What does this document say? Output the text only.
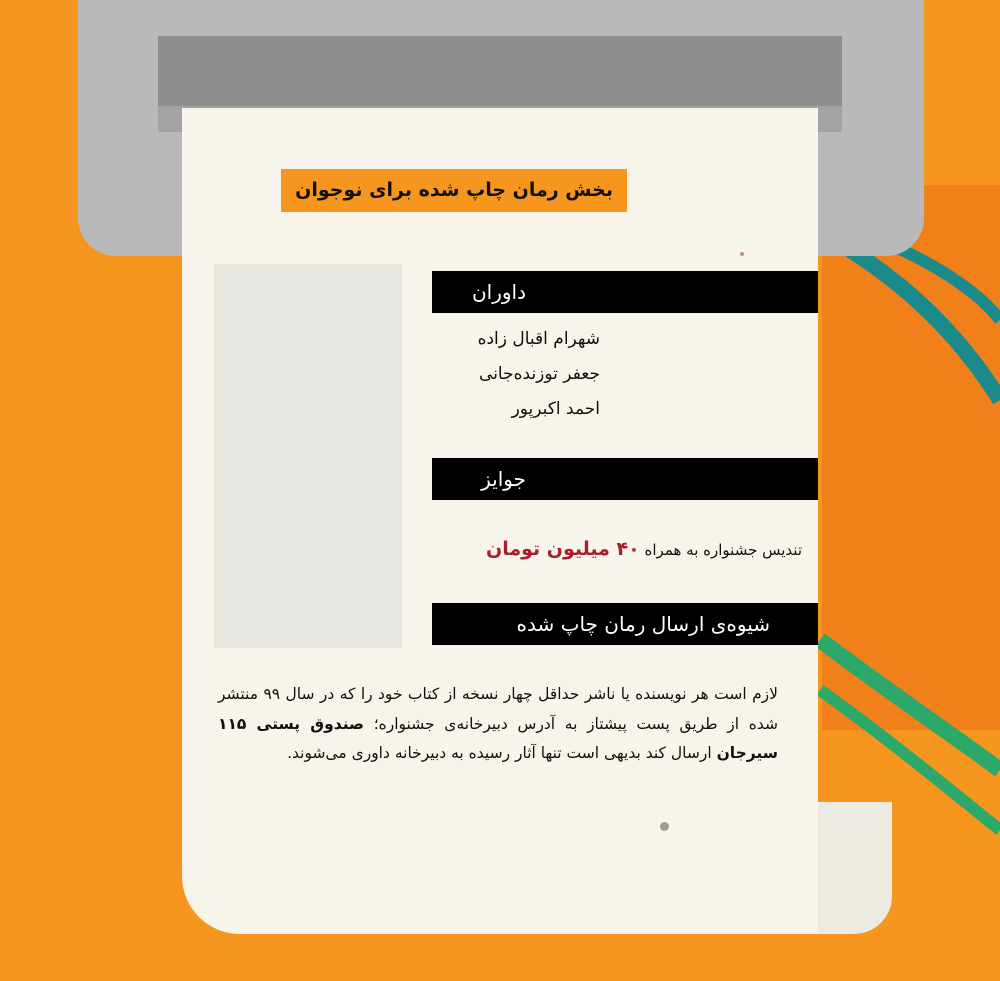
بخش رمان چاپ شده برای نوجوان
داوران
شهرام اقبال زاده
جعفر توزنده‌جانی
احمد اکبرپور
جوایز
تندیس جشنواره به همراه ۴۰ میلیون تومان
شیوه‌ی ارسال رمان چاپ شده
لازم است هر نویسنده یا ناشر حداقل چهار نسخه از کتاب خود را که در سال ۹۹ منتشر شده از طریق پست پیشتاز به آدرس دبیرخانه‌ی جشنواره؛ صندوق پستی ۱۱۵ سیرجان ارسال کند بدیهی است تنها آثار رسیده به دبیرخانه داوری می‌شوند.
